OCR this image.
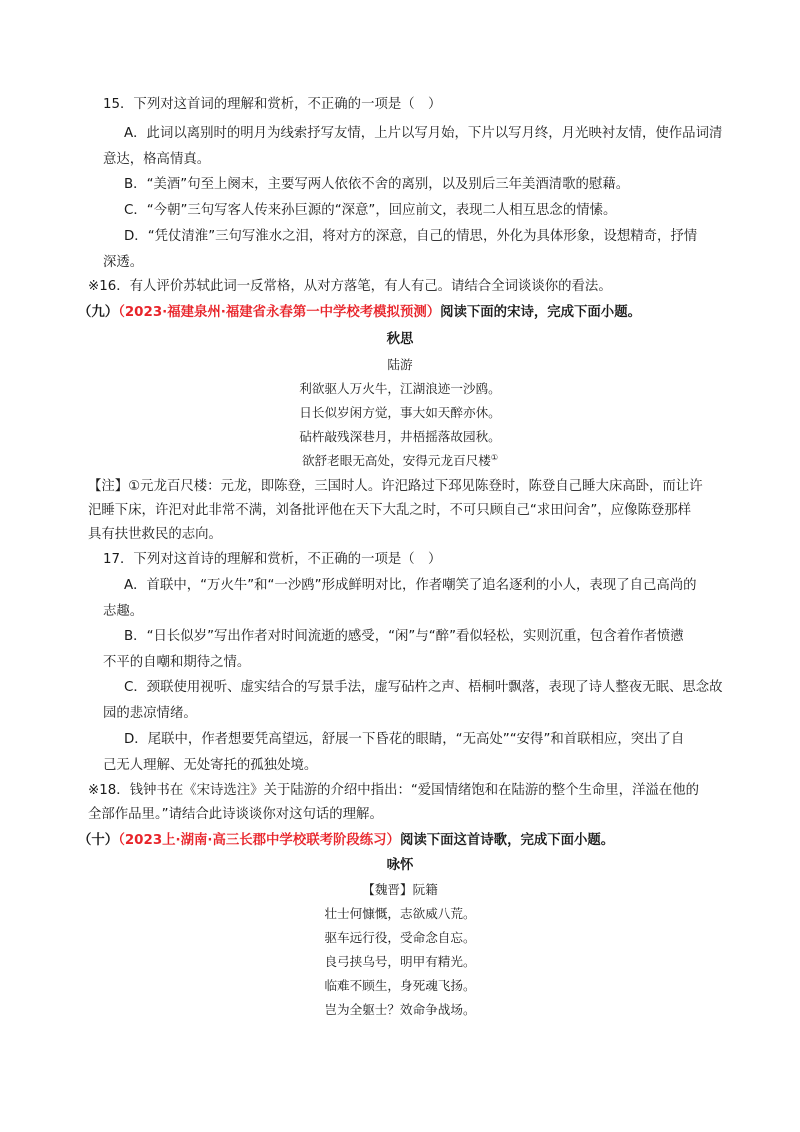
15．下列对这首词的理解和赏析，不正确的一项是（　）
A．此词以离别时的明月为线索抒写友情，上片以写月始，下片以写月终，月光映衬友情，使作品词清
意达，格高情真。
B．“美酒”句至上阕末，主要写两人依依不舍的离别，以及别后三年美酒清歌的慰藉。
C．“今朝”三句写客人传来孙巨源的“深意”，回应前文，表现二人相互思念的情愫。
D．“凭仗清淮”三句写淮水之泪，将对方的深意，自己的情思，外化为具体形象，设想精奇，抒情
深透。
※16．有人评价苏轼此词一反常格，从对方落笔，有人有己。请结合全词谈谈你的看法。
（九）（2023·福建泉州·福建省永春第一中学校考模拟预测）阅读下面的宋诗，完成下面小题。
秋思
陆游
利欲驱人万火牛，江湖浪迹一沙鸥。
日长似岁闲方觉，事大如天醉亦休。
砧杵敲残深巷月，井梧摇落故园秋。
欲舒老眼无高处，安得元龙百尺楼①
【注】①元龙百尺楼：元龙，即陈登，三国时人。许汜路过下邳见陈登时，陈登自己睡大床高卧，而让许
汜睡下床，许汜对此非常不满，刘备批评他在天下大乱之时，不可只顾自己“求田问舍”，应像陈登那样
具有扶世救民的志向。
17．下列对这首诗的理解和赏析，不正确的一项是（　）
A．首联中，“万火牛”和“一沙鸥”形成鲜明对比，作者嘲笑了追名逐利的小人，表现了自己高尚的
志趣。
B．“日长似岁”写出作者对时间流逝的感受，“闲”与“醉”看似轻松，实则沉重，包含着作者愤懑
不平的自嘲和期待之情。
C．颈联使用视听、虚实结合的写景手法，虚写砧杵之声、梧桐叶飘落，表现了诗人整夜无眠、思念故
园的悲凉情绪。
D．尾联中，作者想要凭高望远，舒展一下昏花的眼睛，“无高处”“安得”和首联相应，突出了自
己无人理解、无处寄托的孤独处境。
※18．钱钟书在《宋诗选注》关于陆游的介绍中指出：“爱国情绪饱和在陆游的整个生命里，洋溢在他的
全部作品里。”请结合此诗谈谈你对这句话的理解。
（十）（2023上·湖南·高三长郡中学校联考阶段练习）阅读下面这首诗歌，完成下面小题。
咏怀
【魏晋】阮籍
壮士何慷慨，志欲威八荒。
驱车远行役，受命念自忘。
良弓挟乌号，明甲有精光。
临难不顾生，身死魂飞扬。
岂为全躯士？效命争战场。
